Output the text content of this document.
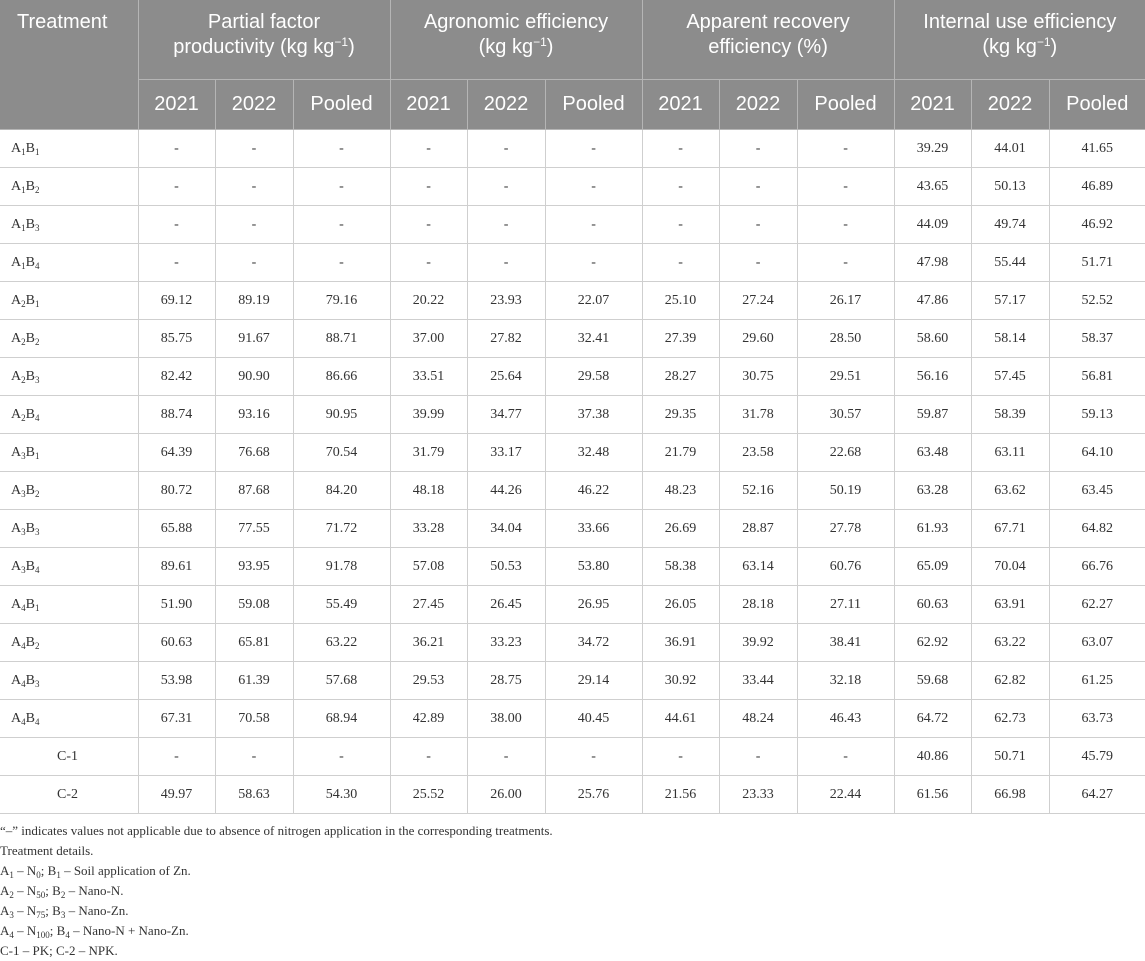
Treatment	Partial factor
productivity (kg $kg^{-1}$)			Agronomic efficiency
(kg $kg^{-1}$)			Apparent recovery
efficiency (%)			Internal use efficiency
(kg $kg^{-1}$)		
	2021	2022	Pooled	2021	2022	Pooled	2021	2022	Pooled	2021	2022	Pooled
$A_1B_1$	-	-	-	-	-	-	-	-	-	39.29	44.01	41.65
$A_1B_2$	-	-	-	-	-	-	-	-	-	43.65	50.13	46.89
$A_1B_3$	-	-	-	-	-	-	-	-	-	44.09	49.74	46.92
$A_1B_4$	-	-	-	-	-	-	-	-	-	47.98	55.44	51.71
$A_2B_1$	69.12	89.19	79.16	20.22	23.93	22.07	25.10	27.24	26.17	47.86	57.17	52.52
$A_2B_2$	85.75	91.67	88.71	37.00	27.82	32.41	27.39	29.60	28.50	58.60	58.14	58.37
$A_2B_3$	82.42	90.90	86.66	33.51	25.64	29.58	28.27	30.75	29.51	56.16	57.45	56.81
$A_2B_4$	88.74	93.16	90.95	39.99	34.77	37.38	29.35	31.78	30.57	59.87	58.39	59.13
$A_3B_1$	64.39	76.68	70.54	31.79	33.17	32.48	21.79	23.58	22.68	63.48	63.11	64.10
$A_3B_2$	80.72	87.68	84.20	48.18	44.26	46.22	48.23	52.16	50.19	63.28	63.62	63.45
$A_3B_3$	65.88	77.55	71.72	33.28	34.04	33.66	26.69	28.87	27.78	61.93	67.71	64.82
$A_3B_4$	89.61	93.95	91.78	57.08	50.53	53.80	58.38	63.14	60.76	65.09	70.04	66.76
$A_4B_1$	51.90	59.08	55.49	27.45	26.45	26.95	26.05	28.18	27.11	60.63	63.91	62.27
$A_4B_2$	60.63	65.81	63.22	36.21	33.23	34.72	36.91	39.92	38.41	62.92	63.22	63.07
$A_4B_3$	53.98	61.39	57.68	29.53	28.75	29.14	30.92	33.44	32.18	59.68	62.82	61.25
$A_4B_4$	67.31	70.58	68.94	42.89	38.00	40.45	44.61	48.24	46.43	64.72	62.73	63.73
C-1	-	-	-	-	-	-	-	-	-	40.86	50.71	45.79
C-2	49.97	58.63	54.30	25.52	26.00	25.76	21.56	23.33	22.44	61.56	66.98	64.27
“–” indicates values not applicable due to absence of nitrogen application in the corresponding treatments.
Treatment details.
$A_1 - N_0$; $B_1$ – Soil application of Zn.
$A_2 - N_{50}$; $B_2$ – Nano-N.
$A_3 - N_{75}$; $B_3$ – Nano-Zn.
$A_4 - N_{100}$; $B_4$ – Nano-N + Nano-Zn.
C-1 – PK; C-2 – NPK.
